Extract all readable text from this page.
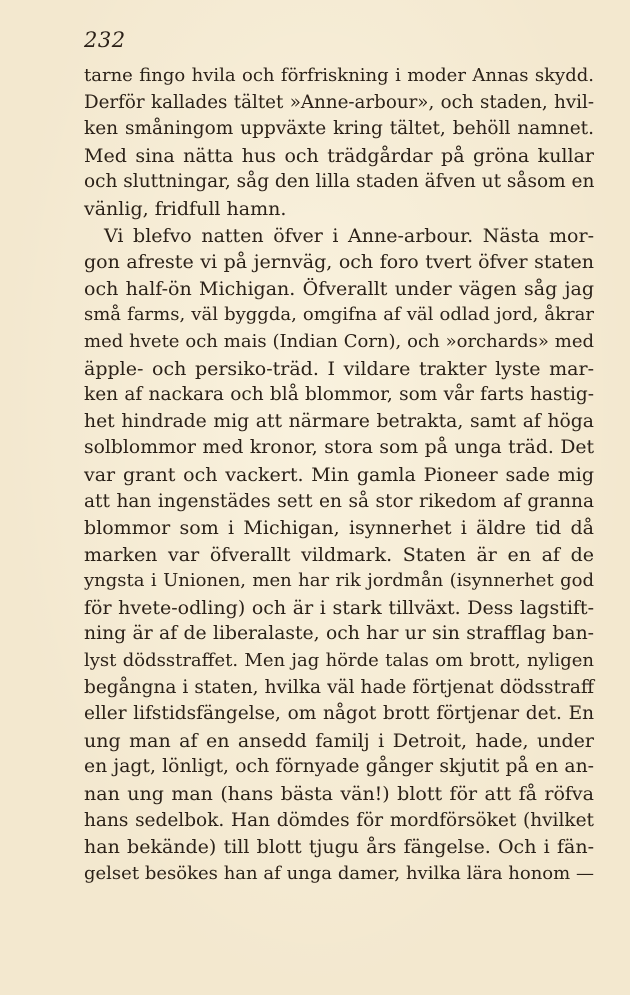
232
tarne fingo hvila och förfriskning i moder Annas skydd.
Derför kallades tältet »Anne-arbour», och staden, hvil-
ken småningom uppväxte kring tältet, behöll namnet.
Med sina nätta hus och trädgårdar på gröna kullar
och sluttningar, såg den lilla staden äfven ut såsom en
vänlig, fridfull hamn.
Vi blefvo natten öfver i Anne-arbour. Nästa mor-
gon afreste vi på jernväg, och foro tvert öfver staten
och half-ön Michigan. Öfverallt under vägen såg jag
små farms, väl byggda, omgifna af väl odlad jord, åkrar
med hvete och mais (Indian Corn), och »orchards» med
äpple- och persiko-träd. I vildare trakter lyste mar-
ken af nackara och blå blommor, som vår farts hastig-
het hindrade mig att närmare betrakta, samt af höga
solblommor med kronor, stora som på unga träd. Det
var grant och vackert. Min gamla Pioneer sade mig
att han ingenstädes sett en så stor rikedom af granna
blommor som i Michigan, isynnerhet i äldre tid då
marken var öfverallt vildmark. Staten är en af de
yngsta i Unionen, men har rik jordmån (isynnerhet god
för hvete-odling) och är i stark tillväxt. Dess lagstift-
ning är af de liberalaste, och har ur sin strafflag ban-
lyst dödsstraffet. Men jag hörde talas om brott, nyligen
begångna i staten, hvilka väl hade förtjenat dödsstraff
eller lifstidsfängelse, om något brott förtjenar det. En
ung man af en ansedd familj i Detroit, hade, under
en jagt, lönligt, och förnyade gånger skjutit på en an-
nan ung man (hans bästa vän!) blott för att få röfva
hans sedelbok. Han dömdes för mordförsöket (hvilket
han bekände) till blott tjugu års fängelse. Och i fän-
gelset besökes han af unga damer, hvilka lära honom —
